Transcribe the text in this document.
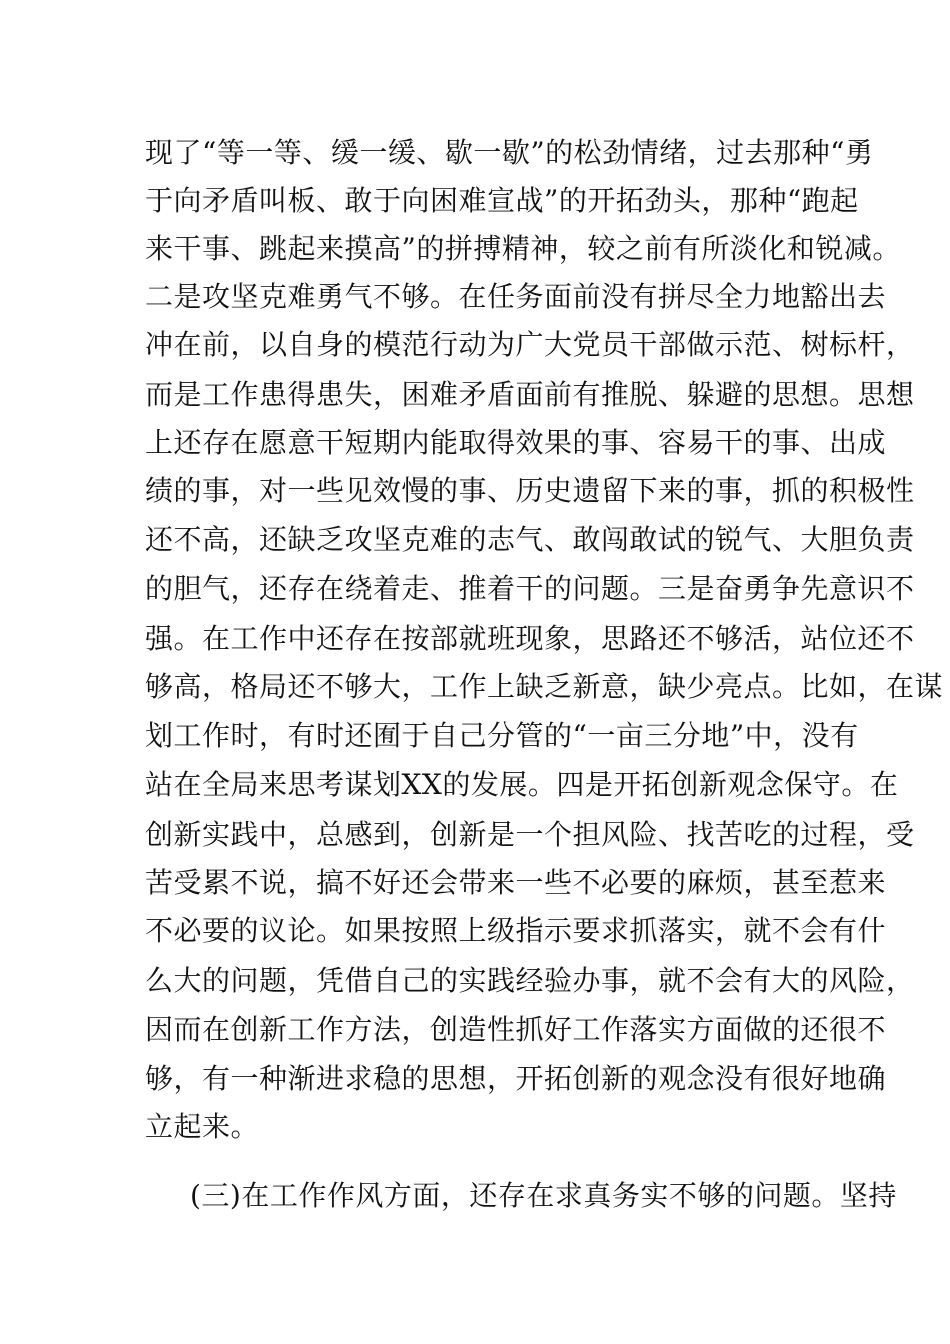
现了“等一等、缓一缓、歇一歇”的松劲情绪，过去那种“勇
于向矛盾叫板、敢于向困难宣战”的开拓劲头，那种“跑起
来干事、跳起来摸高”的拼搏精神，较之前有所淡化和锐减。
二是攻坚克难勇气不够。在任务面前没有拼尽全力地豁出去
冲在前，以自身的模范行动为广大党员干部做示范、树标杆，
而是工作患得患失，困难矛盾面前有推脱、躲避的思想。思想
上还存在愿意干短期内能取得效果的事、容易干的事、出成
绩的事，对一些见效慢的事、历史遗留下来的事，抓的积极性
还不高，还缺乏攻坚克难的志气、敢闯敢试的锐气、大胆负责
的胆气，还存在绕着走、推着干的问题。三是奋勇争先意识不
强。在工作中还存在按部就班现象，思路还不够活，站位还不
够高，格局还不够大，工作上缺乏新意，缺少亮点。比如，在谋
划工作时，有时还囿于自己分管的“一亩三分地”中，没有
站在全局来思考谋划XX的发展。四是开拓创新观念保守。在
创新实践中，总感到，创新是一个担风险、找苦吃的过程，受
苦受累不说，搞不好还会带来一些不必要的麻烦，甚至惹来
不必要的议论。如果按照上级指示要求抓落实，就不会有什
么大的问题，凭借自己的实践经验办事，就不会有大的风险，
因而在创新工作方法，创造性抓好工作落实方面做的还很不
够，有一种渐进求稳的思想，开拓创新的观念没有很好地确
立起来。
(三)在工作作风方面，还存在求真务实不够的问题。坚持
